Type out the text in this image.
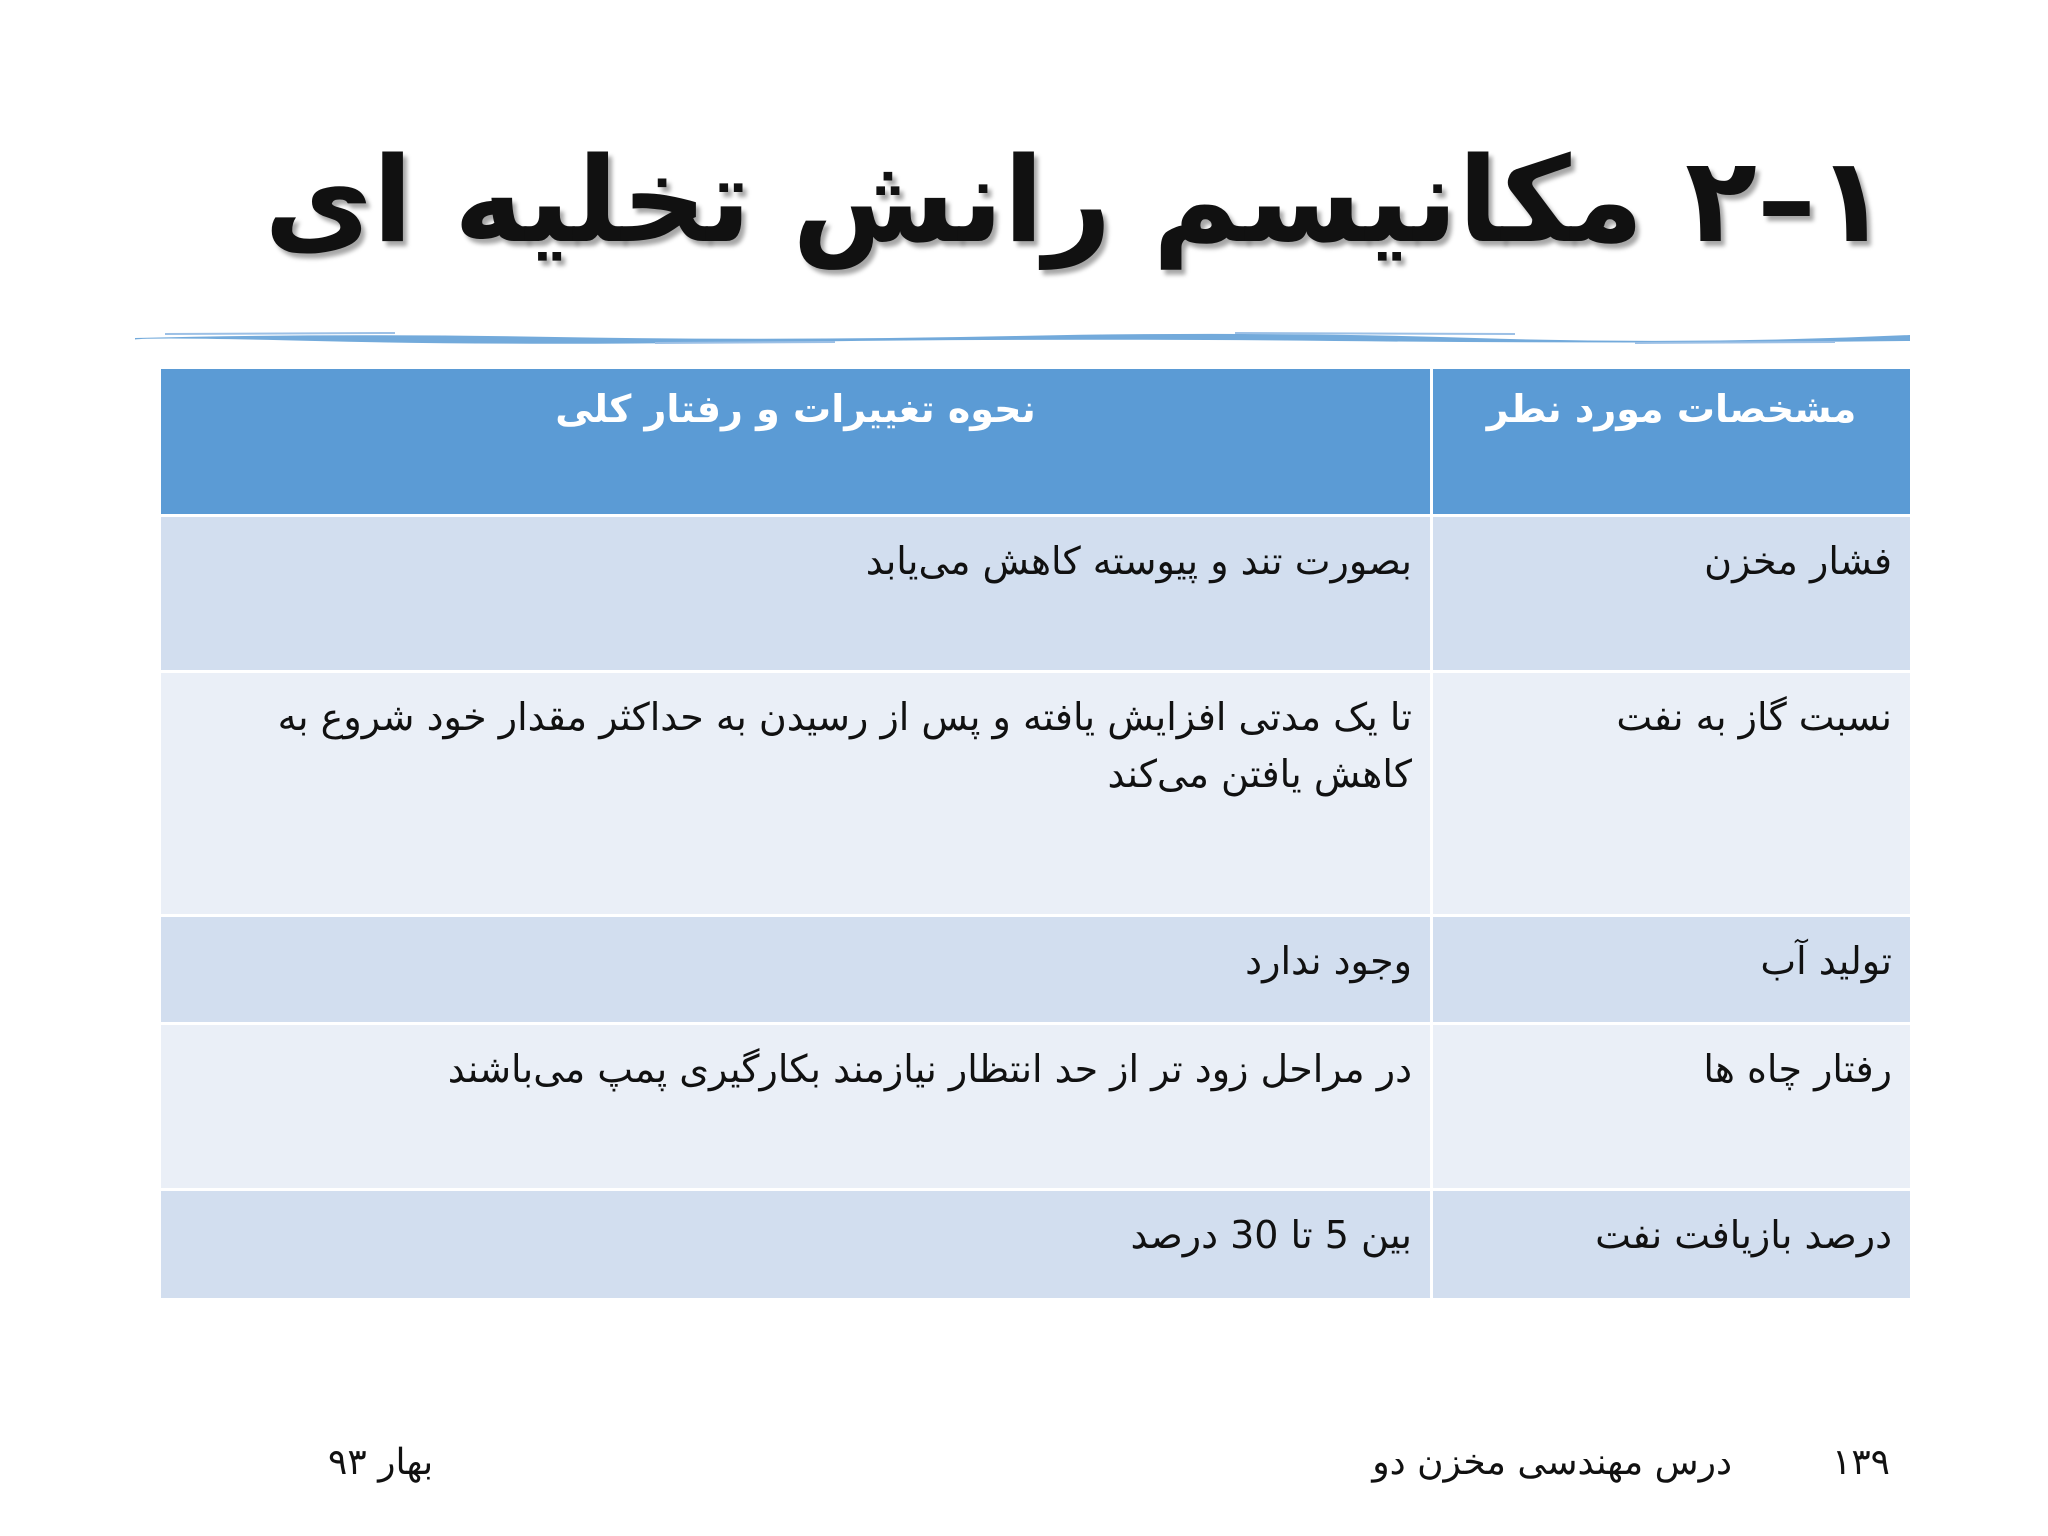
۱–۲ مکانیسم رانش تخلیه ای
مشخصات مورد نطر	نحوه تغییرات و رفتار کلی
فشار مخزن	بصورت تند و پیوسته کاهش می‌یابد
نسبت گاز به نفت	تا یک مدتی افزایش یافته و پس از رسیدن به حداکثر مقدار خود شروع به کاهش یافتن می‌کند
تولید آب	وجود ندارد
رفتار چاه ها	در مراحل زود تر از حد انتظار نیازمند بکارگیری پمپ می‌باشند
درصد بازیافت نفت	بین 5 تا 30 درصد
۱۳۹
درس مهندسی مخزن دو
بهار ۹۳
